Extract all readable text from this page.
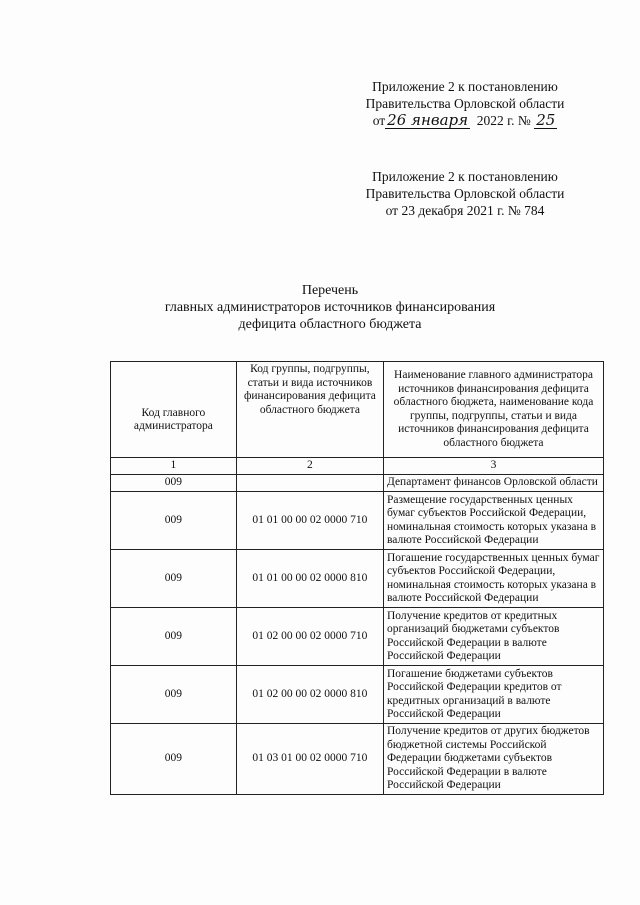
Приложение 2 к постановлению
Правительства Орловской области
от 26 января 2022 г. № 25
Приложение 2 к постановлению
Правительства Орловской области
от 23 декабря 2021 г. № 784
Перечень
главных администраторов источников финансирования
дефицита областного бюджета
Код главного администратора	Код группы, подгруппы, статьи и вида источников финансирования дефицита областного бюджета	Наименование главного администратора источников финансирования дефицита областного бюджета, наименование кода группы, подгруппы, статьи и вида источников финансирования дефицита областного бюджета
1	2	3
009		Департамент финансов Орловской области
009	01 01 00 00 02 0000 710	Размещение государственных ценных бумаг субъектов Российской Федерации, номинальная стоимость которых указана в валюте Российской Федерации
009	01 01 00 00 02 0000 810	Погашение государственных ценных бумаг субъектов Российской Федерации, номинальная стоимость которых указана в валюте Российской Федерации
009	01 02 00 00 02 0000 710	Получение кредитов от кредитных организаций бюджетами субъектов Российской Федерации в валюте Российской Федерации
009	01 02 00 00 02 0000 810	Погашение бюджетами субъектов Российской Федерации кредитов от кредитных организаций в валюте Российской Федерации
009	01 03 01 00 02 0000 710	Получение кредитов от других бюджетов бюджетной системы Российской Федерации бюджетами субъектов Российской Федерации в валюте Российской Федерации
